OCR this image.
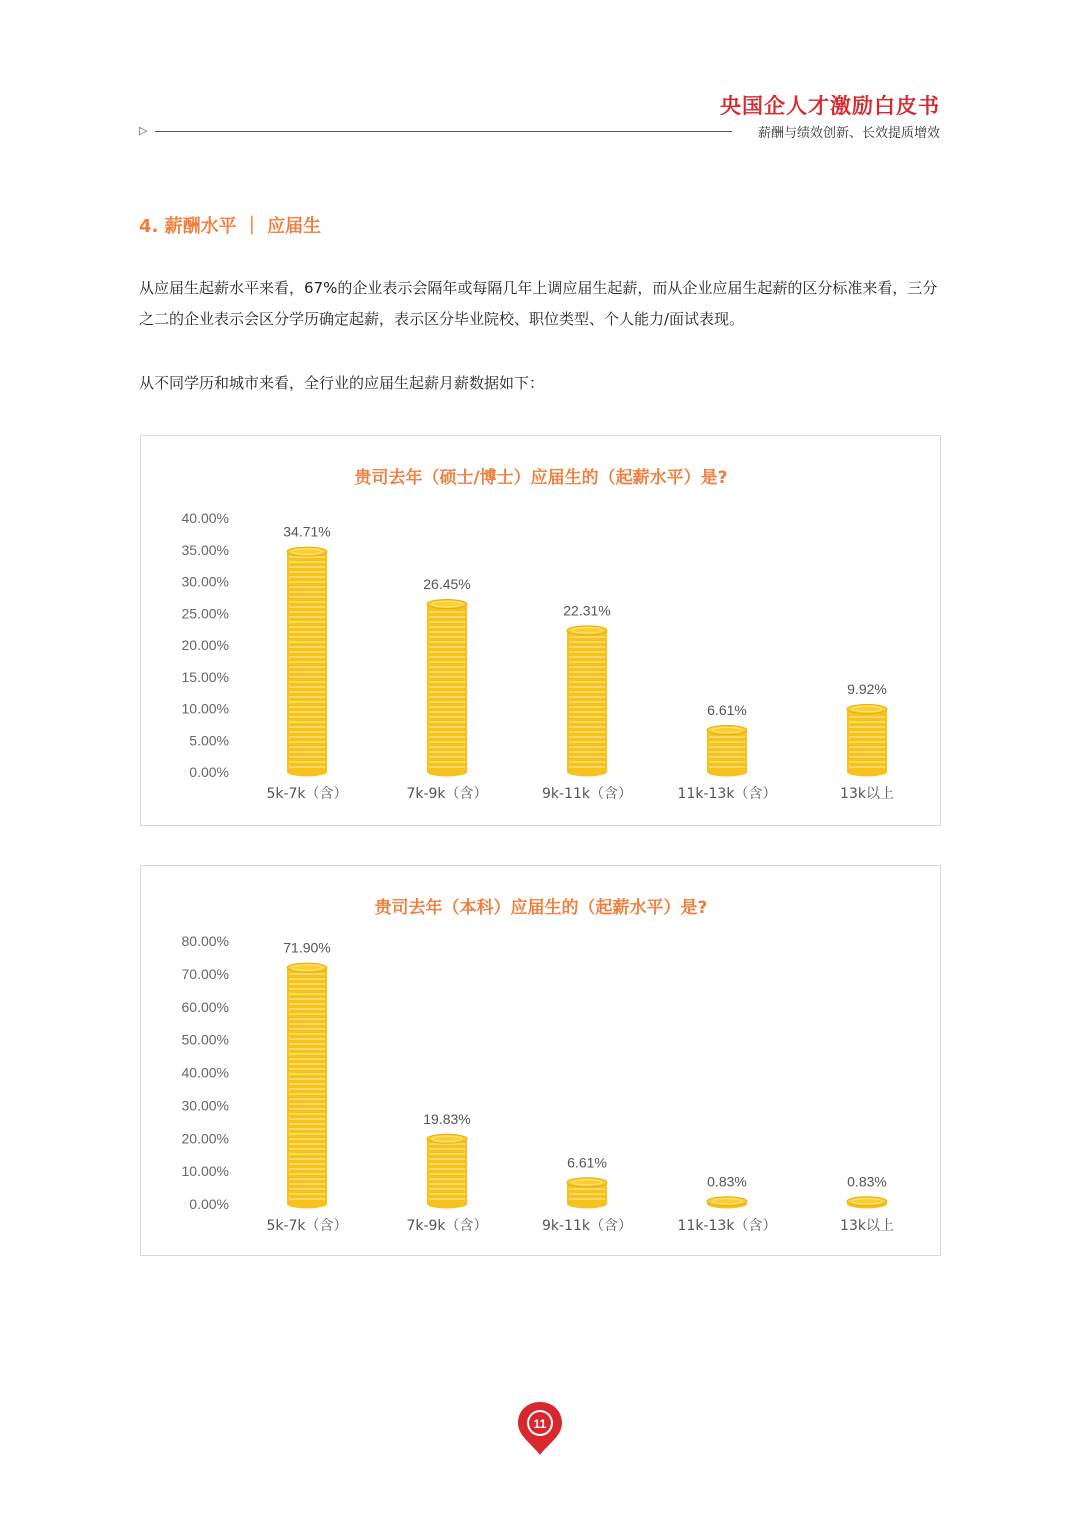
央国企人才激励白皮书
▷	薪酬与绩效创新、长效提质增效
4. 薪酬水平 ｜ 应届生
从应届生起薪水平来看，67%的企业表示会隔年或每隔几年上调应届生起薪，而从企业应届生起薪的区分标准来看，三分之二的企业表示会区分学历确定起薪，表示区分毕业院校、职位类型、个人能力/面试表现。
从不同学历和城市来看，全行业的应届生起薪月薪数据如下：
贵司去年（硕士/博士）应届生的（起薪水平）是?
0.00%
5.00%
10.00%
15.00%
20.00%
25.00%
30.00%
35.00%
40.00%
34.71%
5k-7k（含）
26.45%
7k-9k（含）
22.31%
9k-11k（含）
6.61%
11k-13k（含）
9.92%
13k以上
贵司去年（本科）应届生的（起薪水平）是?
0.00%
10.00%
20.00%
30.00%
40.00%
50.00%
60.00%
70.00%
80.00%	71.90%
5k-7k（含）
19.83%
7k-9k（含）
6.61%
9k-11k（含）
0.83%
11k-13k（含）
0.83%
13k以上
11
